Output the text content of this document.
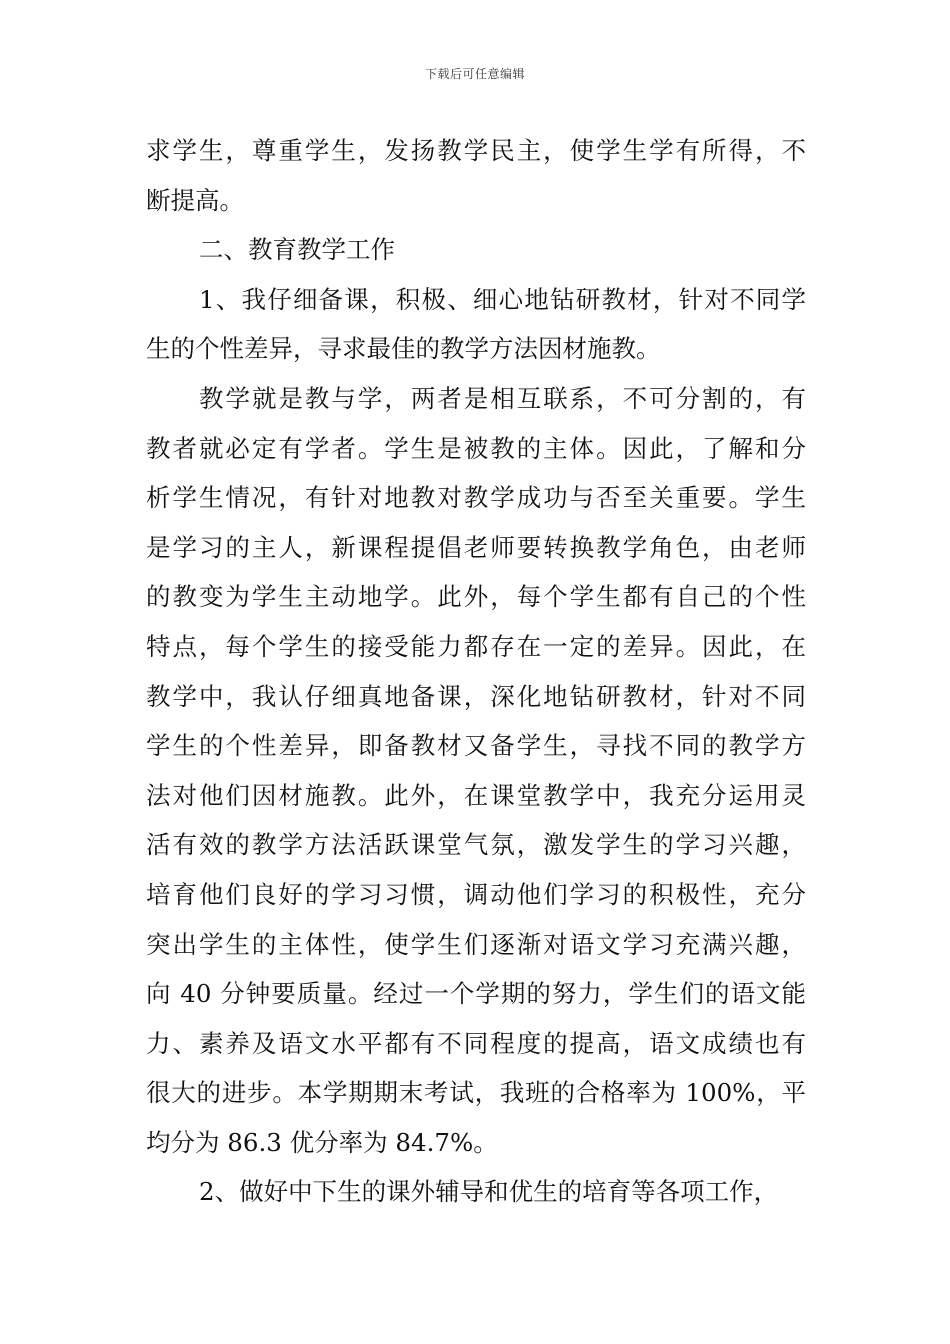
下载后可任意编辑
求学生，尊重学生，发扬教学民主，使学生学有所得，不
断提高。
二、教育教学工作
1、我仔细备课，积极、细心地钻研教材，针对不同学
生的个性差异，寻求最佳的教学方法因材施教。
教学就是教与学，两者是相互联系，不可分割的，有
教者就必定有学者。学生是被教的主体。因此，了解和分
析学生情况，有针对地教对教学成功与否至关重要。学生
是学习的主人，新课程提倡老师要转换教学角色，由老师
的教变为学生主动地学。此外，每个学生都有自己的个性
特点，每个学生的接受能力都存在一定的差异。因此，在
教学中，我认仔细真地备课，深化地钻研教材，针对不同
学生的个性差异，即备教材又备学生，寻找不同的教学方
法对他们因材施教。此外，在课堂教学中，我充分运用灵
活有效的教学方法活跃课堂气氛，激发学生的学习兴趣，
培育他们良好的学习习惯，调动他们学习的积极性，充分
突出学生的主体性，使学生们逐渐对语文学习充满兴趣，
向 40 分钟要质量。经过一个学期的努力，学生们的语文能
力、素养及语文水平都有不同程度的提高，语文成绩也有
很大的进步。本学期期末考试，我班的合格率为 100%，平
均分为 86.3 优分率为 84.7%。
2、做好中下生的课外辅导和优生的培育等各项工作，
